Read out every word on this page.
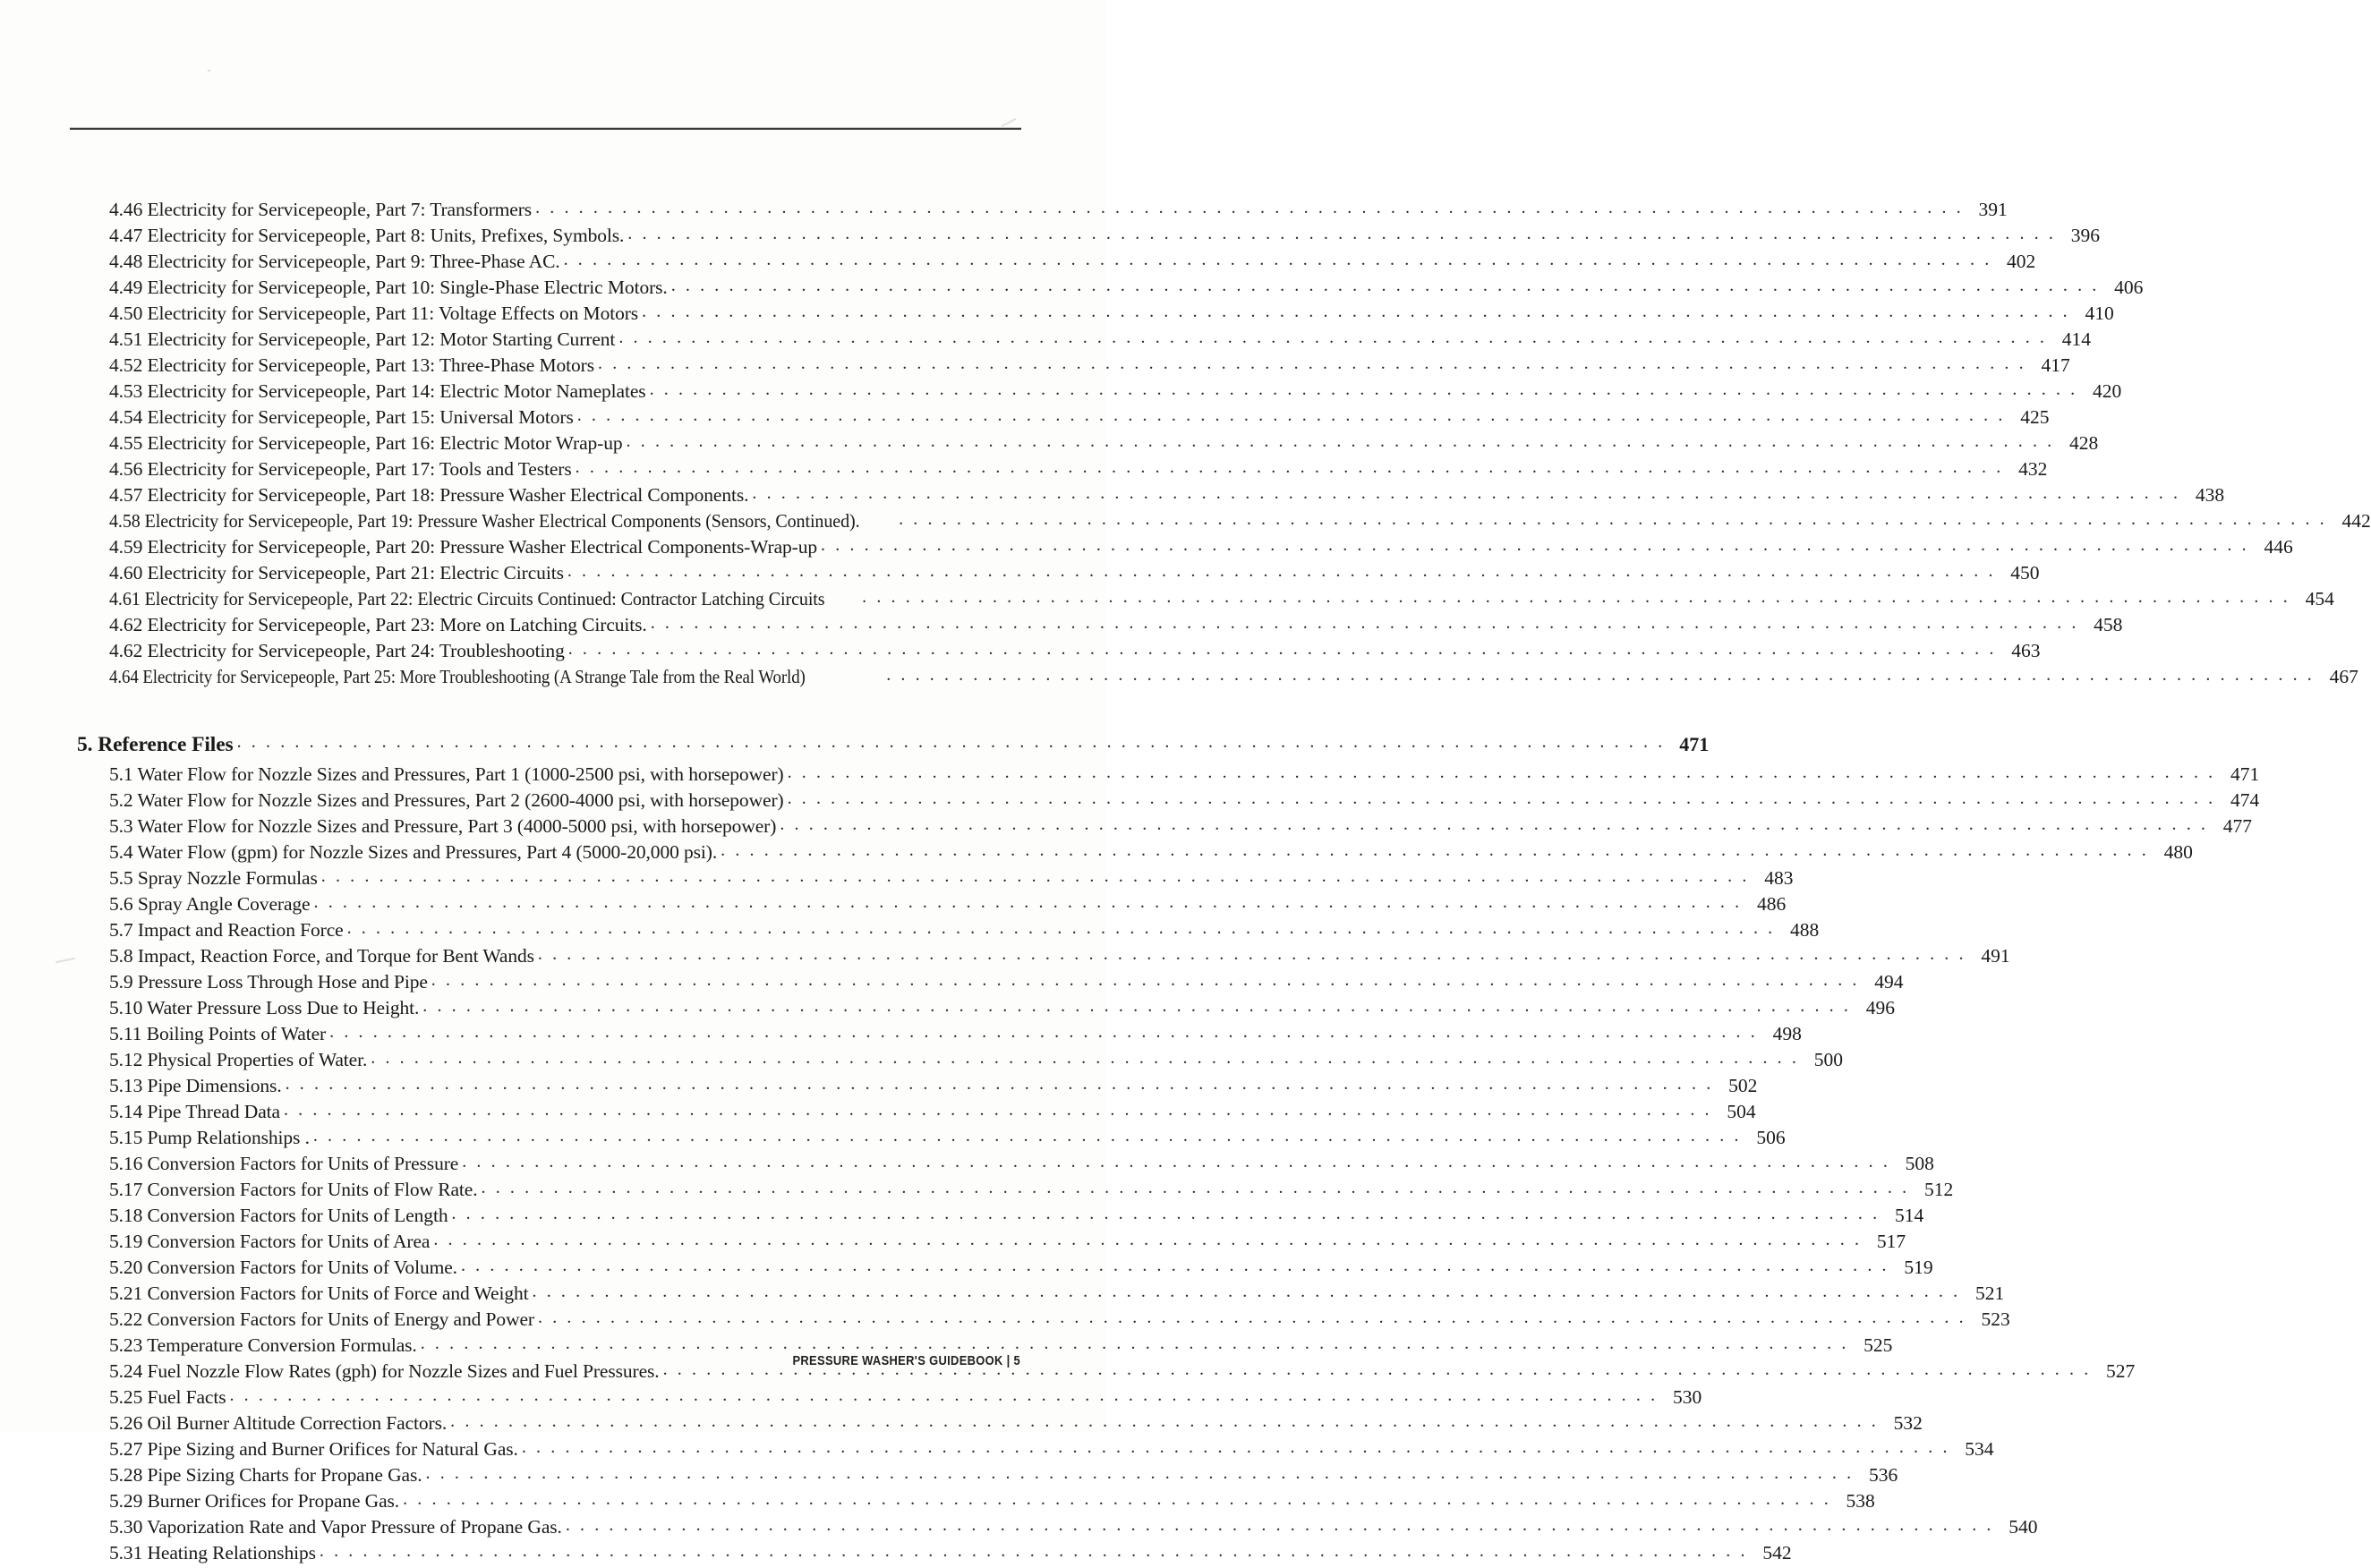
4.46 Electricity for Servicepeople, Part 7: Transformers . . .	391
4.47 Electricity for Servicepeople, Part 8: Units, Prefixes, Symbols. . . .	396
4.48 Electricity for Servicepeople, Part 9: Three-Phase AC. . . .	402
4.49 Electricity for Servicepeople, Part 10: Single-Phase Electric Motors. . . .	406
4.50 Electricity for Servicepeople, Part 11: Voltage Effects on Motors . . .	410
4.51 Electricity for Servicepeople, Part 12: Motor Starting Current . . .	414
4.52 Electricity for Servicepeople, Part 13: Three-Phase Motors . . .	417
4.53 Electricity for Servicepeople, Part 14: Electric Motor Nameplates . . .	420
4.54 Electricity for Servicepeople, Part 15: Universal Motors . . .	425
4.55 Electricity for Servicepeople, Part 16: Electric Motor Wrap-up . . .	428
4.56 Electricity for Servicepeople, Part 17: Tools and Testers . . .	432
4.57 Electricity for Servicepeople, Part 18: Pressure Washer Electrical Components. . . .	438
4.58 Electricity for Servicepeople, Part 19: Pressure Washer Electrical Components (Sensors, Continued). . . .	442
4.59 Electricity for Servicepeople, Part 20: Pressure Washer Electrical Components-Wrap-up . . .	446
4.60 Electricity for Servicepeople, Part 21: Electric Circuits . . .	450
4.61 Electricity for Servicepeople, Part 22: Electric Circuits Continued: Contractor Latching Circuits . . .	454
4.62 Electricity for Servicepeople, Part 23: More on Latching Circuits. . . .	458
4.62 Electricity for Servicepeople, Part 24: Troubleshooting . . .	463
4.64 Electricity for Servicepeople, Part 25: More Troubleshooting (A Strange Tale from the Real World) . . .	467
5. Reference Files . . .	471
5.1 Water Flow for Nozzle Sizes and Pressures, Part 1 (1000-2500 psi, with horsepower) . . .	471
5.2 Water Flow for Nozzle Sizes and Pressures, Part 2 (2600-4000 psi, with horsepower) . . .	474
5.3 Water Flow for Nozzle Sizes and Pressure, Part 3 (4000-5000 psi, with horsepower) . . .	477
5.4 Water Flow (gpm) for Nozzle Sizes and Pressures, Part 4 (5000-20,000 psi). . . .	480
5.5 Spray Nozzle Formulas . . .	483
5.6 Spray Angle Coverage . . .	486
5.7 Impact and Reaction Force . . .	488
5.8 Impact, Reaction Force, and Torque for Bent Wands . . .	491
5.9 Pressure Loss Through Hose and Pipe . . .	494
5.10 Water Pressure Loss Due to Height. . . .	496
5.11 Boiling Points of Water . . .	498
5.12 Physical Properties of Water. . . .	500
5.13 Pipe Dimensions. . . .	502
5.14 Pipe Thread Data . . .	504
5.15 Pump Relationships . . . .	506
5.16 Conversion Factors for Units of Pressure . . .	508
5.17 Conversion Factors for Units of Flow Rate. . . .	512
5.18 Conversion Factors for Units of Length . . .	514
5.19 Conversion Factors for Units of Area . . .	517
5.20 Conversion Factors for Units of Volume. . . .	519
5.21 Conversion Factors for Units of Force and Weight . . .	521
5.22 Conversion Factors for Units of Energy and Power . . .	523
5.23 Temperature Conversion Formulas. . . .	525
5.24 Fuel Nozzle Flow Rates (gph) for Nozzle Sizes and Fuel Pressures. . . .	527
5.25 Fuel Facts . . .	530
5.26 Oil Burner Altitude Correction Factors. . . .	532
5.27 Pipe Sizing and Burner Orifices for Natural Gas. . . .	534
5.28 Pipe Sizing Charts for Propane Gas. . . .	536
5.29 Burner Orifices for Propane Gas. . . .	538
5.30 Vaporization Rate and Vapor Pressure of Propane Gas. . . .	540
5.31 Heating Relationships . . .	542
PRESSURE WASHER'S GUIDEBOOK | 5
